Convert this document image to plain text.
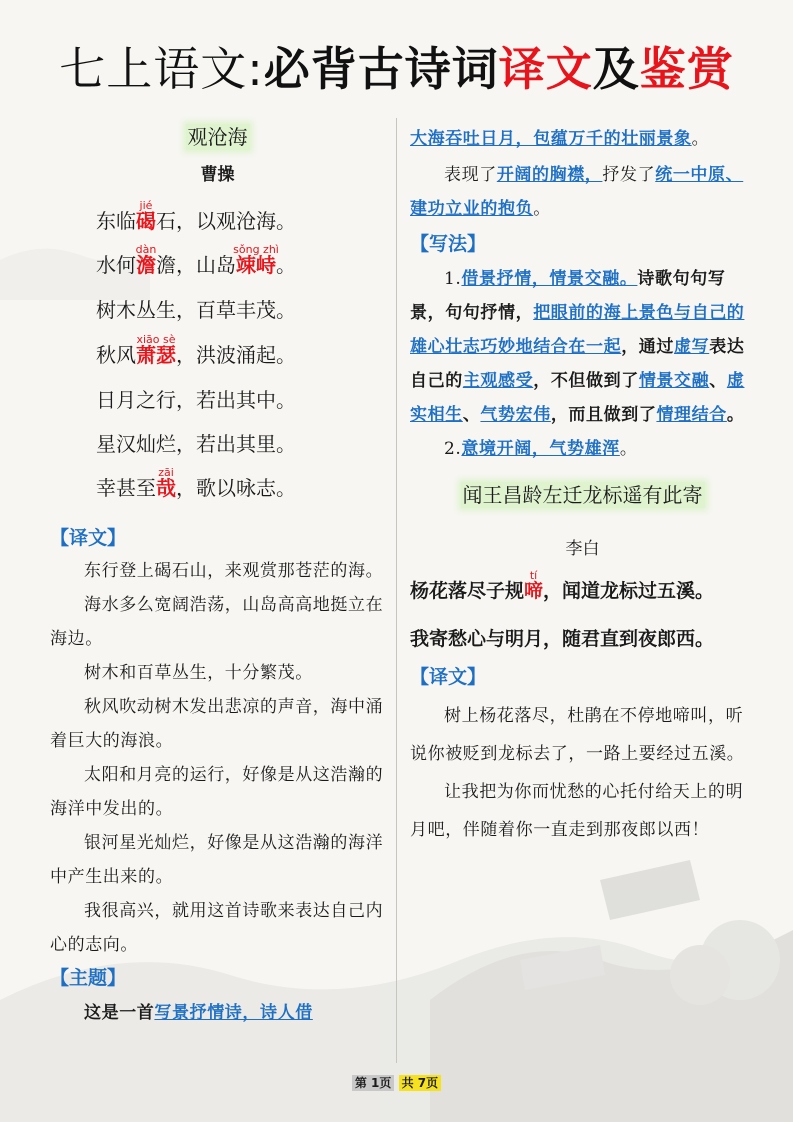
七上语文:必背古诗词译文及鉴赏
观沧海
曹操
东临
jié
碣石，以观沧海。
水何
dàn
澹澹，山岛
sǒng zhì
竦峙。
树木丛生，百草丰茂。
秋风
xiāo sè
萧瑟，洪波涌起。
日月之行，若出其中。
星汉灿烂，若出其里。
幸甚至
zāi
哉，歌以咏志。
【译文】

东行登上碣石山，来观赏那苍茫的海。

海水多么宽阔浩荡，山岛高高地挺立在海边。

树木和百草丛生，十分繁茂。

秋风吹动树木发出悲凉的声音，海中涌着巨大的海浪。

太阳和月亮的运行，好像是从这浩瀚的海洋中发出的。

银河星光灿烂，好像是从这浩瀚的海洋中产生出来的。

我很高兴，就用这首诗歌来表达自己内心的志向。

【主题】

这是一首写景抒情诗，诗人借

大海吞吐日月，包蕴万千的壮丽景象。

表现了开阔的胸襟，抒发了统一中原、建功立业的抱负。

【写法】

1.借景抒情，情景交融。诗歌句句写景，句句抒情，把眼前的海上景色与自己的雄心壮志巧妙地结合在一起，通过虚写表达自己的主观感受，不但做到了情景交融、虚实相生、气势宏伟，而且做到了情理结合。

2.意境开阔，气势雄浑。

闻王昌龄左迁龙标遥有此寄
李白
杨花落尽子规
tí
啼，闻道龙标过五溪。
我寄愁心与明月，随君直到夜郎西。
【译文】

树上杨花落尽，杜鹃在不停地啼叫，听说你被贬到龙标去了，一路上要经过五溪。

让我把为你而忧愁的心托付给天上的明月吧，伴随着你一直走到那夜郎以西！

第 1页 共 7页
